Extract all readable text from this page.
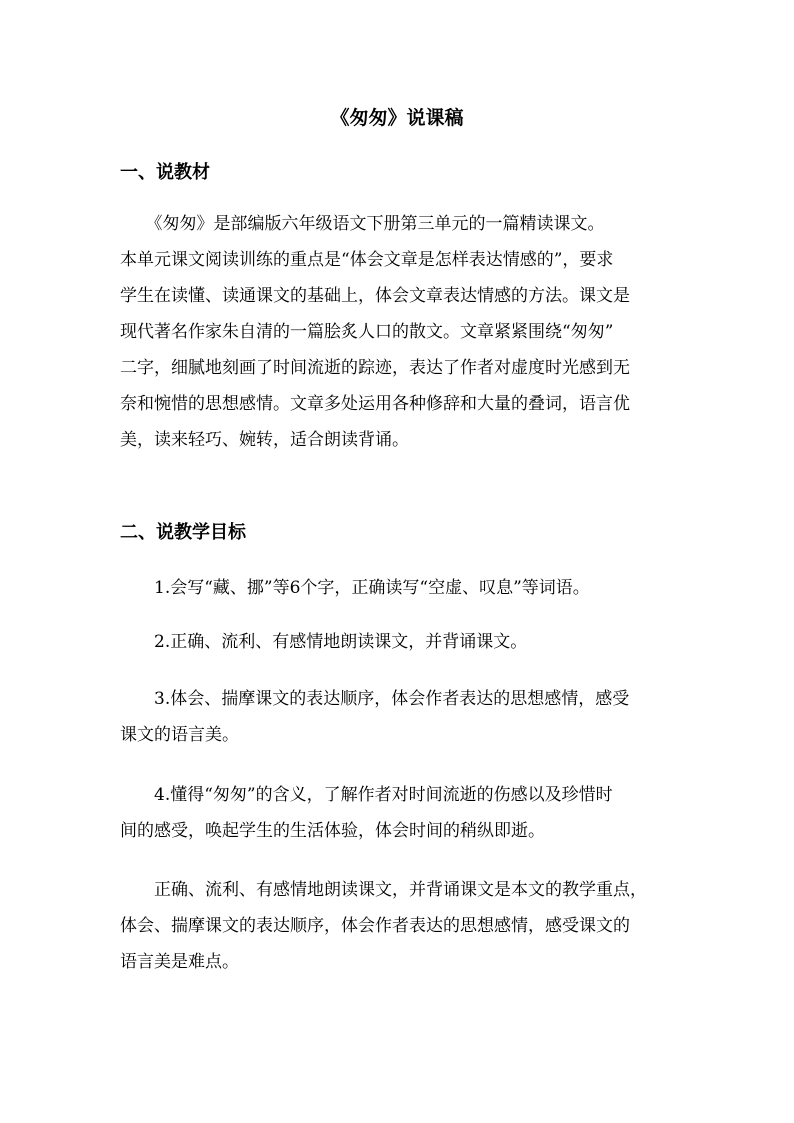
《匆匆》说课稿
一、说教材
　　《匆匆》是部编版六年级语文下册第三单元的一篇精读课文。
本单元课文阅读训练的重点是“体会文章是怎样表达情感的”，要求
学生在读懂、读通课文的基础上，体会文章表达情感的方法。课文是
现代著名作家朱自清的一篇脍炙人口的散文。文章紧紧围绕“匆匆”
二字，细腻地刻画了时间流逝的踪迹，表达了作者对虚度时光感到无
奈和惋惜的思想感情。文章多处运用各种修辞和大量的叠词，语言优
美，读来轻巧、婉转，适合朗读背诵。
二、说教学目标
　　1.会写“藏、挪”等6个字，正确读写“空虚、叹息”等词语。
　　2.正确、流利、有感情地朗读课文，并背诵课文。
　　3.体会、揣摩课文的表达顺序，体会作者表达的思想感情，感受
课文的语言美。
　　4.懂得“匆匆”的含义，了解作者对时间流逝的伤感以及珍惜时
间的感受，唤起学生的生活体验，体会时间的稍纵即逝。
　　正确、流利、有感情地朗读课文，并背诵课文是本文的教学重点，
体会、揣摩课文的表达顺序，体会作者表达的思想感情，感受课文的
语言美是难点。
